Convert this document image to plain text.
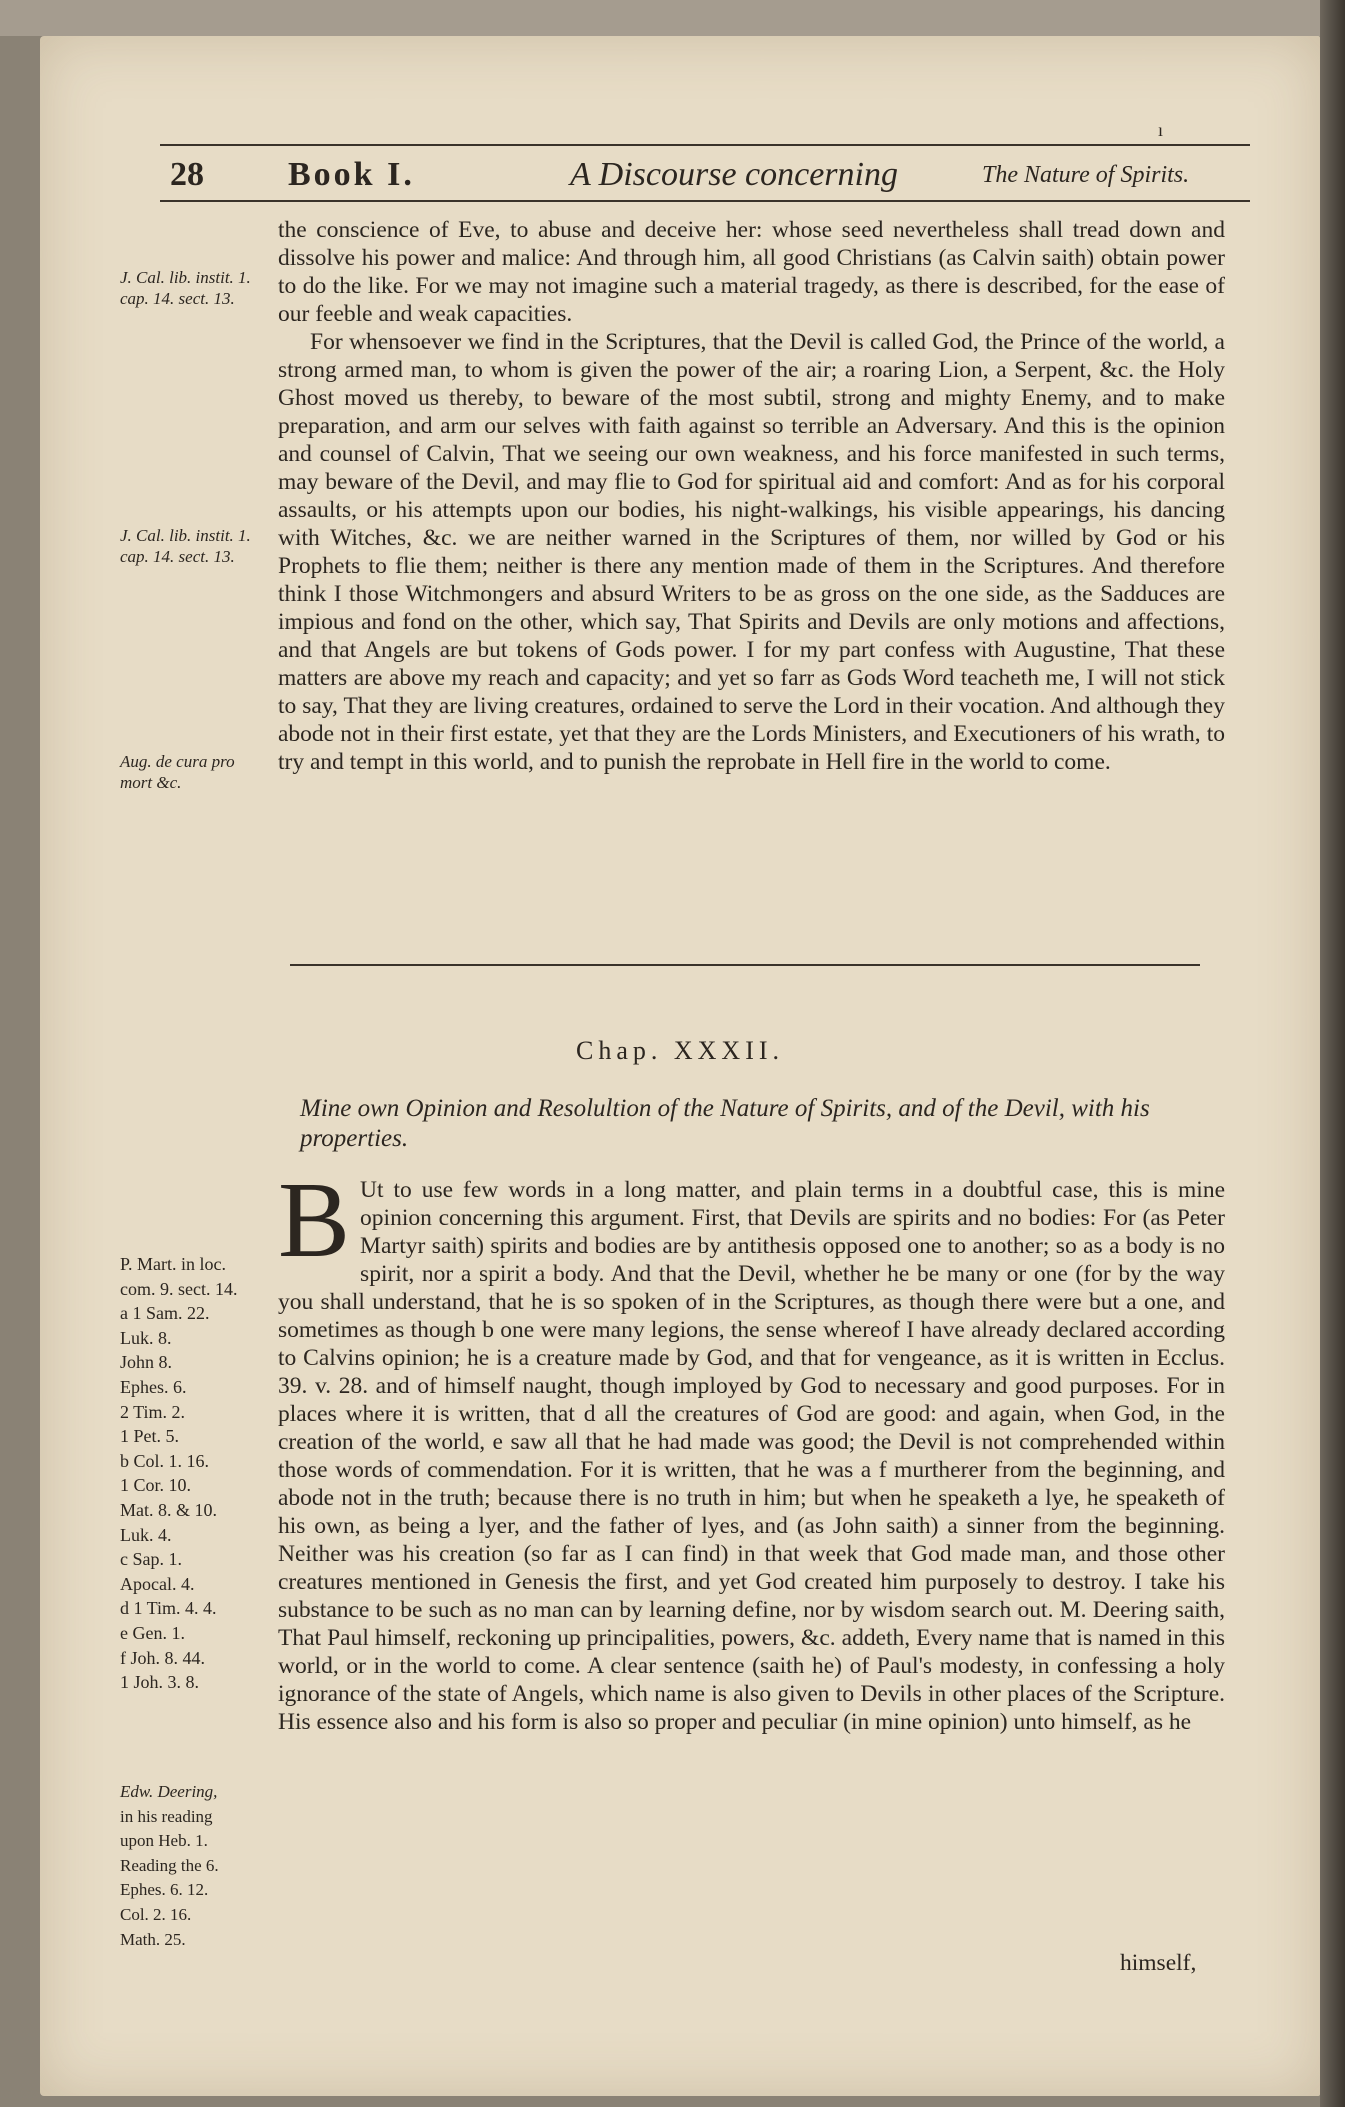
ı
28 Book I.	A Discourse concerning	The Nature of Spirits.
J. Cal. lib. instit. 1. cap. 14. sect. 13.
J. Cal. lib. instit. 1. cap. 14. sect. 13.
Aug. de cura pro mort &c.

the conscience of Eve, to abuse and deceive her: whose seed nevertheless shall tread down and dissolve his power and malice: And through him, all good Christians (as Calvin saith) obtain power to do the like. For we may not imagine such a material tragedy, as there is described, for the ease of our feeble and weak capacities.

For whensoever we find in the Scriptures, that the Devil is called God, the Prince of the world, a strong armed man, to whom is given the power of the air; a roaring Lion, a Serpent, &c. the Holy Ghost moved us thereby, to beware of the most subtil, strong and mighty Enemy, and to make preparation, and arm our selves with faith against so terrible an Adversary. And this is the opinion and counsel of Calvin, That we seeing our own weakness, and his force manifested in such terms, may beware of the Devil, and may flie to God for spiritual aid and comfort: And as for his corporal assaults, or his attempts upon our bodies, his night-walkings, his visible appearings, his dancing with Witches, &c. we are neither warned in the Scriptures of them, nor willed by God or his Prophets to flie them; neither is there any mention made of them in the Scriptures. And therefore think I those Witchmongers and absurd Writers to be as gross on the one side, as the Sadduces are impious and fond on the other, which say, That Spirits and Devils are only motions and affections, and that Angels are but tokens of Gods power. I for my part confess with Augustine, That these matters are above my reach and capacity; and yet so farr as Gods Word teacheth me, I will not stick to say, That they are living creatures, ordained to serve the Lord in their vocation. And although they abode not in their first estate, yet that they are the Lords Ministers, and Executioners of his wrath, to try and tempt in this world, and to punish the reprobate in Hell fire in the world to come.

Chap. XXXII.
Mine own Opinion and Resolultion of the Nature of Spirits, and of the Devil, with his properties.

B Ut to use few words in a long matter, and plain terms in a doubtful case, this is mine opinion concerning this argument. First, that Devils are spirits and no bodies: For (as Peter Martyr saith) spirits and bodies are by antithesis opposed one to another; so as a body is no spirit, nor a spirit a body. And that the Devil, whether he be many or one (for by the way you shall understand, that he is so spoken of in the Scriptures, as though there were but a one, and sometimes as though b one were many legions, the sense whereof I have already declared according to Calvins opinion; he is a creature made by God, and that for vengeance, as it is written in Ecclus. 39. v. 28. and of himself naught, though imployed by God to necessary and good purposes. For in places where it is written, that d all the creatures of God are good: and again, when God, in the creation of the world, e saw all that he had made was good; the Devil is not comprehended within those words of commendation. For it is written, that he was a f murtherer from the beginning, and abode not in the truth; because there is no truth in him; but when he speaketh a lye, he speaketh of his own, as being a lyer, and the father of lyes, and (as John saith) a sinner from the beginning. Neither was his creation (so far as I can find) in that week that God made man, and those other creatures mentioned in Genesis the first, and yet God created him purposely to destroy. I take his substance to be such as no man can by learning define, nor by wisdom search out. M. Deering saith, That Paul himself, reckoning up principalities, powers, &c. addeth, Every name that is named in this world, or in the world to come. A clear sentence (saith he) of Paul's modesty, in confessing a holy ignorance of the state of Angels, which name is also given to Devils in other places of the Scripture. His essence also and his form is also so proper and peculiar (in mine opinion) unto himself, as he

P. Mart. in loc.
com. 9. sect. 14.
a 1 Sam. 22.
Luk. 8.
John 8.
Ephes. 6.
2 Tim. 2.
1 Pet. 5.
b Col. 1. 16.
1 Cor. 10.
Mat. 8. & 10.
Luk. 4.
c Sap. 1.
Apocal. 4.
d 1 Tim. 4. 4.
e Gen. 1.
f Joh. 8. 44.
1 Joh. 3. 8.
Edw. Deering,
in his reading
upon Heb. 1.
Reading the 6.
Ephes. 6. 12.
Col. 2. 16.
Math. 25.
himself,
